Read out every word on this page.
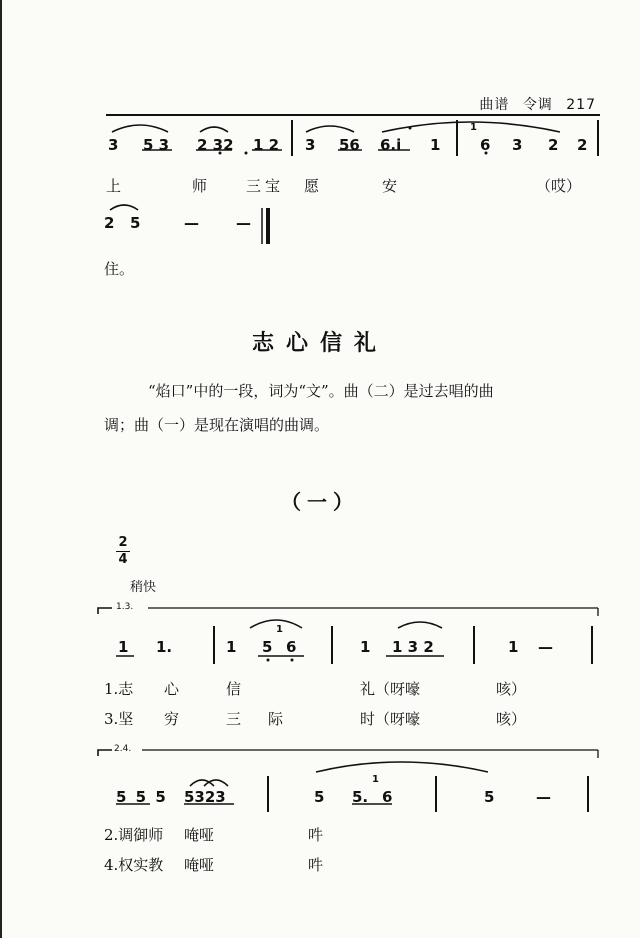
曲谱 令调 217
3 5 3 2 32 1 2 3 56 6.i 1
1
6 3 2 2
上	师	三宝 愿	安	（哎）
2 5	— —
住。
志心信礼
“焰口”中的一段，词为“文”。曲（二）是过去唱的曲
调；曲（一）是现在演唱的曲调。
（一）
2
4
稍快
1.3.
2.4.
1 1.	1 5
1
6	1 1 3 2	1 —
1.志 心	信	礼（呀嚎	咳）
3.坚 穷	三 际	时（呀嚎	咳）
5 5 5 5323	5 5.
1
6	5	—
2.调御师 唵哑	吽
4.权实教 唵哑	吽
